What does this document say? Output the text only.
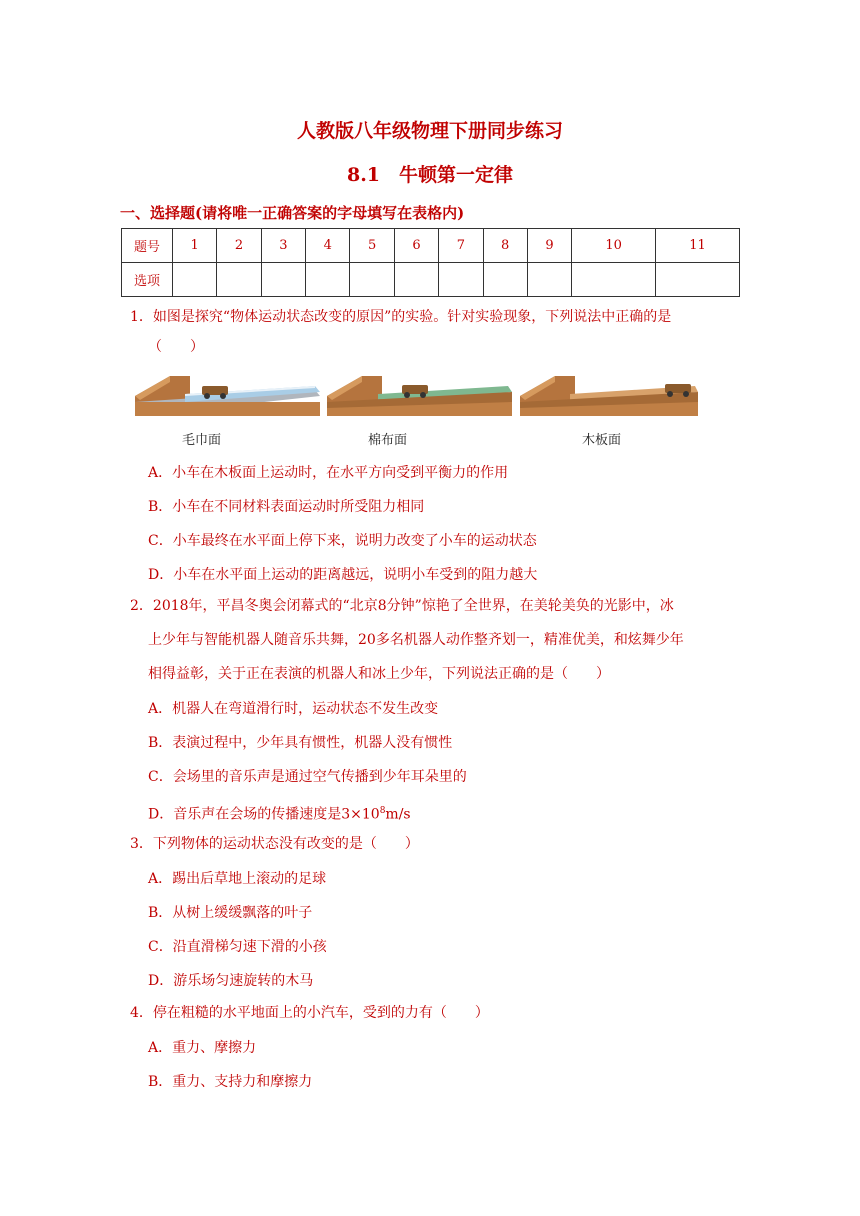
人教版八年级物理下册同步练习
8.1　牛顿第一定律
一、选择题(请将唯一正确答案的字母填写在表格内)
题号	1	2	3	4	5	6	7	8	9	10	11
选项											
1．如图是探究“物体运动状态改变的原因”的实验。针对实验现象，下列说法中正确的是
（　　）
毛巾面	棉布面	木板面
A．小车在木板面上运动时，在水平方向受到平衡力的作用
B．小车在不同材料表面运动时所受阻力相同
C．小车最终在水平面上停下来，说明力改变了小车的运动状态
D．小车在水平面上运动的距离越远，说明小车受到的阻力越大
2．2018年，平昌冬奥会闭幕式的“北京8分钟”惊艳了全世界，在美轮美奂的光影中，冰
上少年与智能机器人随音乐共舞，20多名机器人动作整齐划一，精准优美，和炫舞少年
相得益彰，关于正在表演的机器人和冰上少年，下列说法正确的是（　　）
A．机器人在弯道滑行时，运动状态不发生改变
B．表演过程中，少年具有惯性，机器人没有惯性
C．会场里的音乐声是通过空气传播到少年耳朵里的
D．音乐声在会场的传播速度是$3\times 10^8m/s$
3．下列物体的运动状态没有改变的是（　　）
A．踢出后草地上滚动的足球
B．从树上缓缓飘落的叶子
C．沿直滑梯匀速下滑的小孩
D．游乐场匀速旋转的木马
4．停在粗糙的水平地面上的小汽车，受到的力有（　　）
A．重力、摩擦力
B．重力、支持力和摩擦力
